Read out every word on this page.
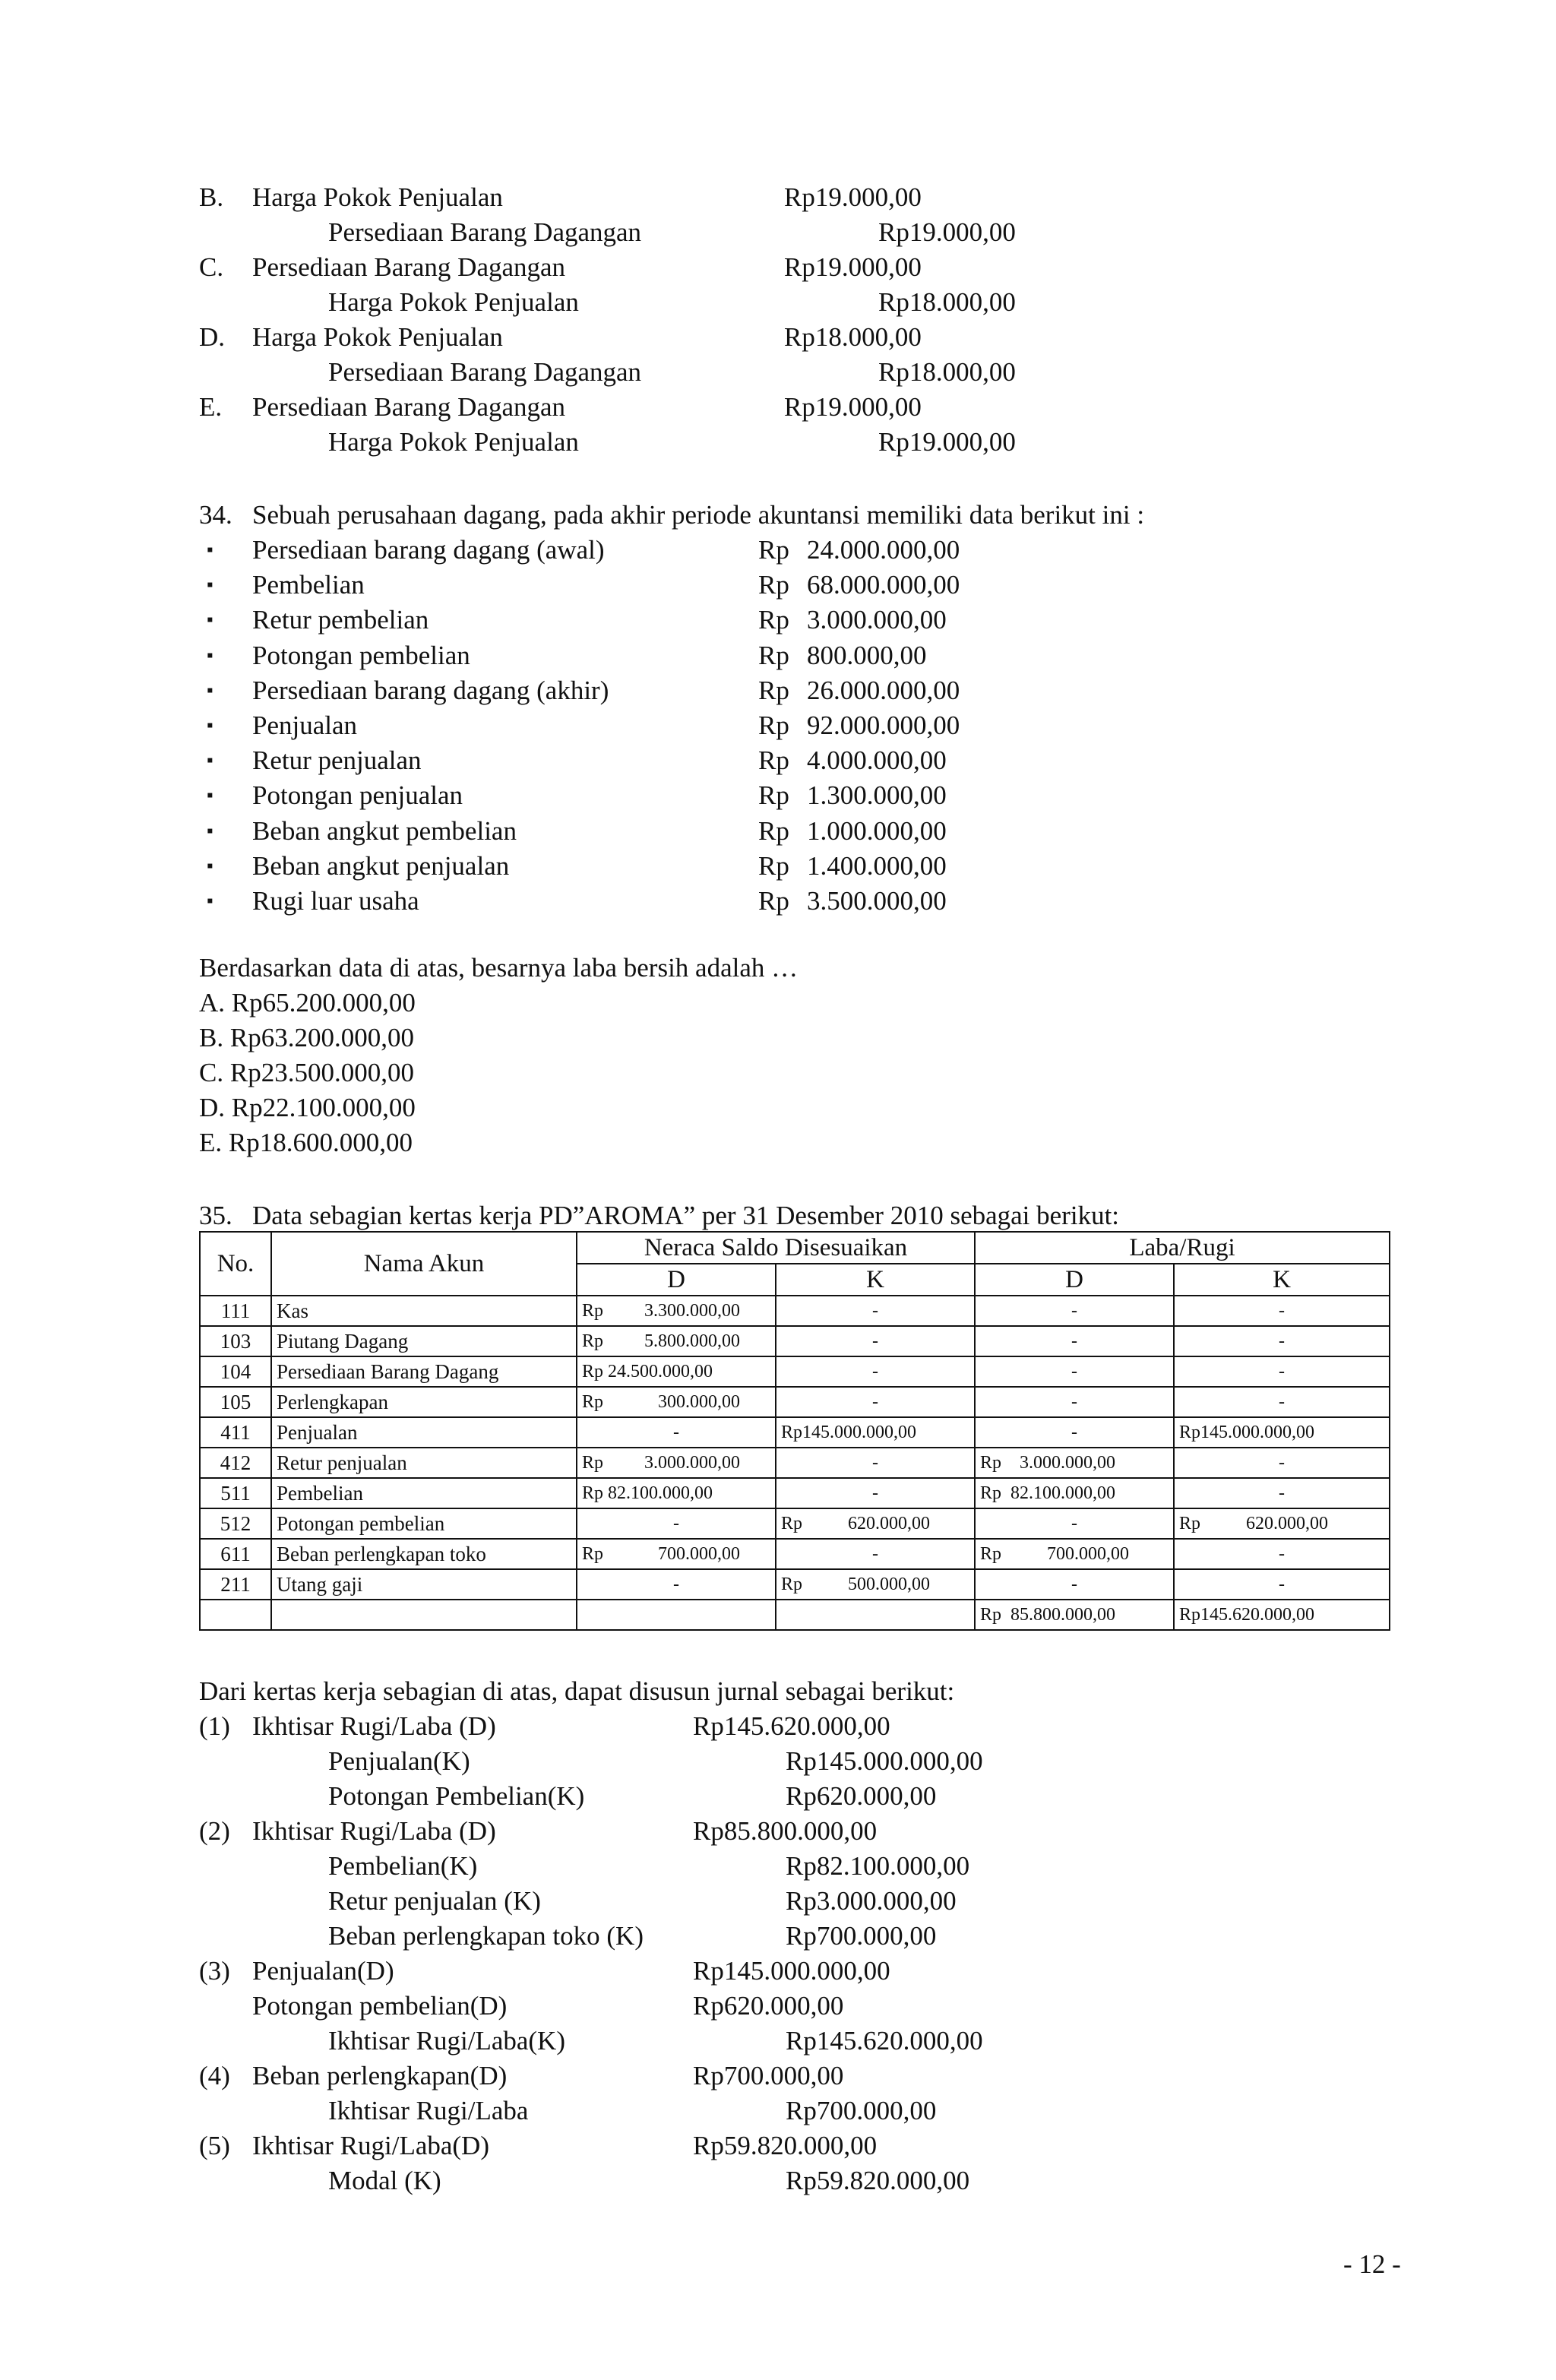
B. Harga Pokok Penjualan	Rp19.000,00
Persediaan Barang Dagangan	Rp19.000,00
C. Persediaan Barang Dagangan	Rp19.000,00
Harga Pokok Penjualan	Rp18.000,00
D. Harga Pokok Penjualan	Rp18.000,00
Persediaan Barang Dagangan	Rp18.000,00
E. Persediaan Barang Dagangan	Rp19.000,00
Harga Pokok Penjualan	Rp19.000,00
34. Sebuah perusahaan dagang, pada akhir periode akuntansi memiliki data berikut ini :
▪ Persediaan barang dagang (awal)	Rp 24.000.000,00
▪ Pembelian	Rp 68.000.000,00
▪ Retur pembelian	Rp 3.000.000,00
▪ Potongan pembelian	Rp 800.000,00
▪ Persediaan barang dagang (akhir)	Rp 26.000.000,00
▪ Penjualan	Rp 92.000.000,00
▪ Retur penjualan	Rp 4.000.000,00
▪ Potongan penjualan	Rp 1.300.000,00
▪ Beban angkut pembelian	Rp 1.000.000,00
▪ Beban angkut penjualan	Rp 1.400.000,00
▪ Rugi luar usaha	Rp 3.500.000,00
Berdasarkan data di atas, besarnya laba bersih adalah …
A. Rp65.200.000,00
B. Rp63.200.000,00
C. Rp23.500.000,00
D. Rp22.100.000,00
E. Rp18.600.000,00
35. Data sebagian kertas kerja PD”AROMA” per 31 Desember 2010 sebagai berikut:
No.	Nama Akun	Neraca Saldo Disesuaikan		Laba/Rugi	
		D	K	D	K
111	Kas	Rp 3.300.000,00	-	-	-
103	Piutang Dagang	Rp 5.800.000,00	-	-	-
104	Persediaan Barang Dagang	Rp 24.500.000,00	-	-	-
105	Perlengkapan	Rp 300.000,00	-	-	-
411	Penjualan	-	Rp145.000.000,00	-	Rp145.000.000,00
412	Retur penjualan	Rp 3.000.000,00	-	Rp    3.000.000,00	-
511	Pembelian	Rp 82.100.000,00	-	Rp  82.100.000,00	-
512	Potongan pembelian	-	Rp          620.000,00	-	Rp          620.000,00
611	Beban perlengkapan toko	Rp 700.000,00	-	Rp          700.000,00	-
211	Utang gaji	-	Rp          500.000,00	-	-
				Rp  85.800.000,00	Rp145.620.000,00
Dari kertas kerja sebagian di atas, dapat disusun jurnal sebagai berikut:
(1) Ikhtisar Rugi/Laba (D)	Rp145.620.000,00
Penjualan(K)	Rp145.000.000,00
Potongan Pembelian(K)	Rp620.000,00
(2) Ikhtisar Rugi/Laba (D)	Rp85.800.000,00
Pembelian(K)	Rp82.100.000,00
Retur penjualan (K)	Rp3.000.000,00
Beban perlengkapan toko (K)	Rp700.000,00
(3) Penjualan(D)	Rp145.000.000,00
Potongan pembelian(D)	Rp620.000,00
Ikhtisar Rugi/Laba(K)	Rp145.620.000,00
(4) Beban perlengkapan(D)	Rp700.000,00
Ikhtisar Rugi/Laba	Rp700.000,00
(5) Ikhtisar Rugi/Laba(D)	Rp59.820.000,00
Modal (K)	Rp59.820.000,00
- 12 -
